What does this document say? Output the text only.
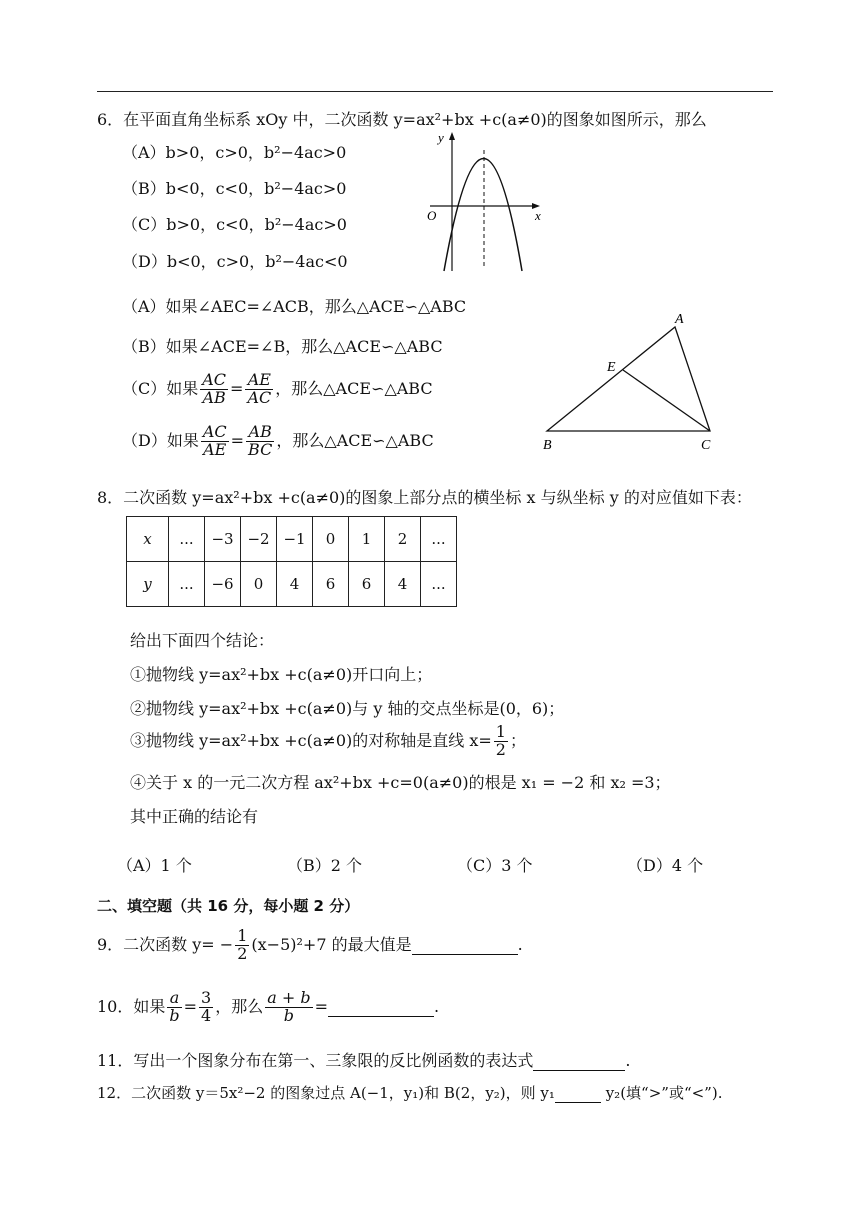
6．在平面直角坐标系 xOy 中，二次函数 y=ax²+bx +c(a≠0)的图象如图所示，那么
（A）b>0，c>0，b²−4ac>0
（B）b<0，c<0，b²−4ac>0
（C）b>0，c<0，b²−4ac>0
（D）b<0，c>0，b²−4ac<0
y
x
O
（A）如果∠AEC=∠ACB，那么△ACE∽△ABC
（B）如果∠ACE=∠B，那么△ACE∽△ABC
（C）如果 $\frac{AC}{AB} = \frac{AE}{AC}$ ，那么△ACE∽△ABC
（D）如果 $\frac{AC}{AE} = \frac{AB}{BC}$ ，那么△ACE∽△ABC
A
B	C
E
8．二次函数 y=ax²+bx +c(a≠0)的图象上部分点的横坐标 x 与纵坐标 y 的对应值如下表：
x	...	−3	−2	−1	0	1	2	...
y	...	−6	0	4	6	6	4	...
给出下面四个结论：
①抛物线 y=ax²+bx +c(a≠0)开口向上；
②抛物线 y=ax²+bx +c(a≠0)与 y 轴的交点坐标是(0，6)；
③抛物线 y=ax²+bx +c(a≠0)的对称轴是直线 $x= \frac{1}{2}$ ；
④关于 x 的一元二次方程 ax²+bx +c=0(a≠0)的根是 x₁ = −2 和 x₂ =3；
其中正确的结论有
（A）1 个	（B）2 个	（C）3 个	（D）4 个
二、填空题（共 16 分，每小题 2 分）
9．二次函数 $y= - \frac{1}{2} (x-5)^2+7$ 的最大值是	.
10．如果 $\frac{a}{b} = \frac{3}{4}$ ，那么 $\frac{a + b}{b}$ =	.
11．写出一个图象分布在第一、三象限的反比例函数的表达式	.
12．二次函数 y＝5x²−2 的图象过点 A(−1，y₁)和 B(2，y₂)，则 y₁	y₂(填“>”或“<”).
